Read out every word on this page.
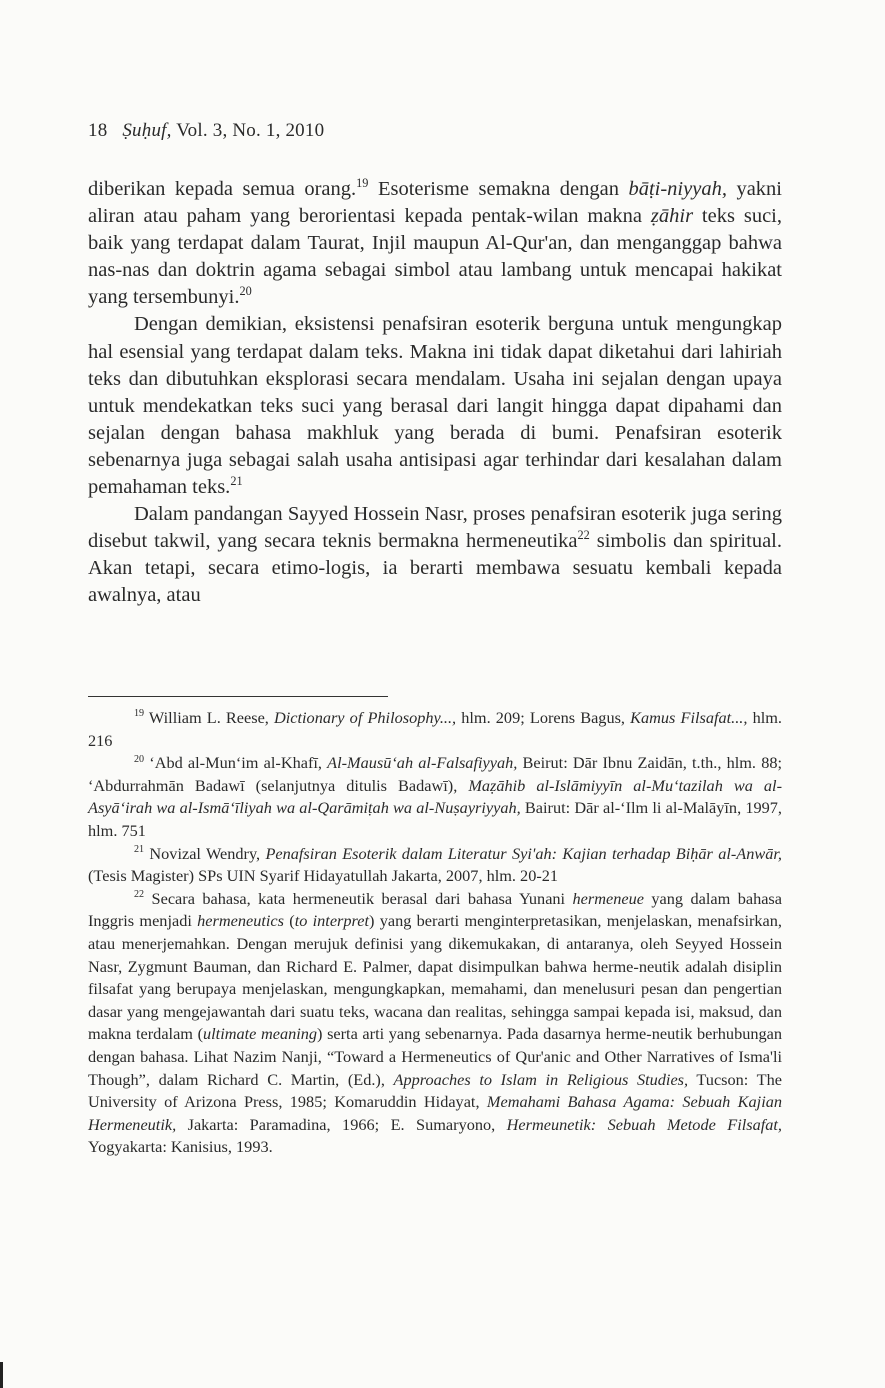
18 Ṣuḥuf, Vol. 3, No. 1, 2010

diberikan kepada semua orang.$^{19}$ Esoterisme semakna dengan bāṭi-niyyah, yakni aliran atau paham yang berorientasi kepada pentak-wilan makna ẓāhir teks suci, baik yang terdapat dalam Taurat, Injil maupun Al-Qur'an, dan menganggap bahwa nas-nas dan doktrin agama sebagai simbol atau lambang untuk mencapai hakikat yang tersembunyi.$^{20}$

Dengan demikian, eksistensi penafsiran esoterik berguna untuk mengungkap hal esensial yang terdapat dalam teks. Makna ini tidak dapat diketahui dari lahiriah teks dan dibutuhkan eksplorasi secara mendalam. Usaha ini sejalan dengan upaya untuk mendekatkan teks suci yang berasal dari langit hingga dapat dipahami dan sejalan dengan bahasa makhluk yang berada di bumi. Penafsiran esoterik sebenarnya juga sebagai salah usaha antisipasi agar terhindar dari kesalahan dalam pemahaman teks.$^{21}$

Dalam pandangan Sayyed Hossein Nasr, proses penafsiran esoterik juga sering disebut takwil, yang secara teknis bermakna hermeneutika$^{22}$ simbolis dan spiritual. Akan tetapi, secara etimo-logis, ia berarti membawa sesuatu kembali kepada awalnya, atau

$^{19}$ William L. Reese, Dictionary of Philosophy..., hlm. 209; Lorens Bagus, Kamus Filsafat..., hlm. 216

$^{20}$ ‘Abd al-Mun‘im al-Khafī, Al-Mausū‘ah al-Falsafiyyah, Beirut: Dār Ibnu Zaidān, t.th., hlm. 88; ‘Abdurrahmān Badawī (selanjutnya ditulis Badawī), Maẓāhib al-Islāmiyyīn al-Mu‘tazilah wa al-Asyā‘irah wa al-Ismā‘īliyah wa al-Qarāmiṭah wa al-Nuṣayriyyah, Bairut: Dār al-‘Ilm li al-Malāyīn, 1997, hlm. 751

$^{21}$ Novizal Wendry, Penafsiran Esoterik dalam Literatur Syi'ah: Kajian terhadap Biḥār al-Anwār, (Tesis Magister) SPs UIN Syarif Hidayatullah Jakarta, 2007, hlm. 20-21

$^{22}$ Secara bahasa, kata hermeneutik berasal dari bahasa Yunani hermeneue yang dalam bahasa Inggris menjadi hermeneutics (to interpret) yang berarti menginterpretasikan, menjelaskan, menafsirkan, atau menerjemahkan. Dengan merujuk definisi yang dikemukakan, di antaranya, oleh Seyyed Hossein Nasr, Zygmunt Bauman, dan Richard E. Palmer, dapat disimpulkan bahwa herme-neutik adalah disiplin filsafat yang berupaya menjelaskan, mengungkapkan, memahami, dan menelusuri pesan dan pengertian dasar yang mengejawantah dari suatu teks, wacana dan realitas, sehingga sampai kepada isi, maksud, dan makna terdalam (ultimate meaning) serta arti yang sebenarnya. Pada dasarnya herme-neutik berhubungan dengan bahasa. Lihat Nazim Nanji, “Toward a Hermeneutics of Qur'anic and Other Narratives of Isma'li Though”, dalam Richard C. Martin, (Ed.), Approaches to Islam in Religious Studies, Tucson: The University of Arizona Press, 1985; Komaruddin Hidayat, Memahami Bahasa Agama: Sebuah Kajian Hermeneutik, Jakarta: Paramadina, 1966; E. Sumaryono, Hermeunetik: Sebuah Metode Filsafat, Yogyakarta: Kanisius, 1993.
